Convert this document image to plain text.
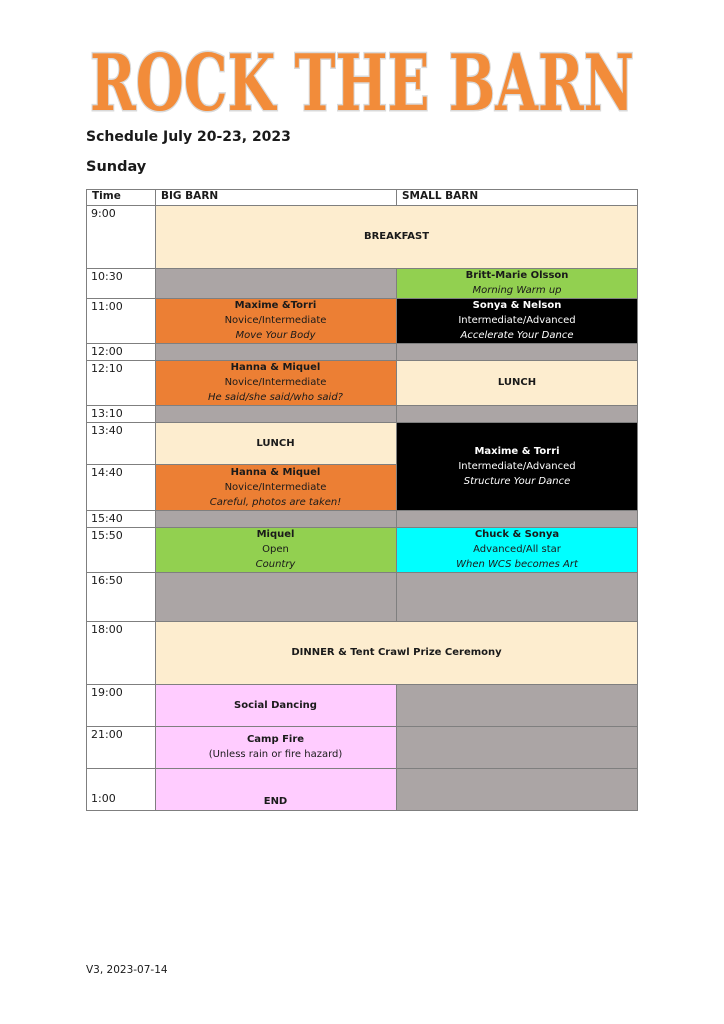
ROCK THE BARN
Schedule July 20-23, 2023
Sunday
Time	BIG BARN	SMALL BARN
9:00
10:30
11:00
12:00
12:10
13:10
13:40
14:40
15:40
15:50
16:50
18:00
19:00
21:00
1:00
BREAKFAST
Britt-Marie Olsson
Morning Warm up
Maxime &Torri
Novice/Intermediate
Move Your Body
Sonya & Nelson
Intermediate/Advanced
Accelerate Your Dance
Hanna & Miquel
Novice/Intermediate
He said/she said/who said?
LUNCH
LUNCH
Maxime & Torri
Intermediate/Advanced
Structure Your Dance
Hanna & Miquel
Novice/Intermediate
Careful, photos are taken!
Miquel
Open
Country
Chuck & Sonya
Advanced/All star
When WCS becomes Art
DINNER & Tent Crawl Prize Ceremony
Social Dancing
Camp Fire
(Unless rain or fire hazard)
END
V3, 2023-07-14
